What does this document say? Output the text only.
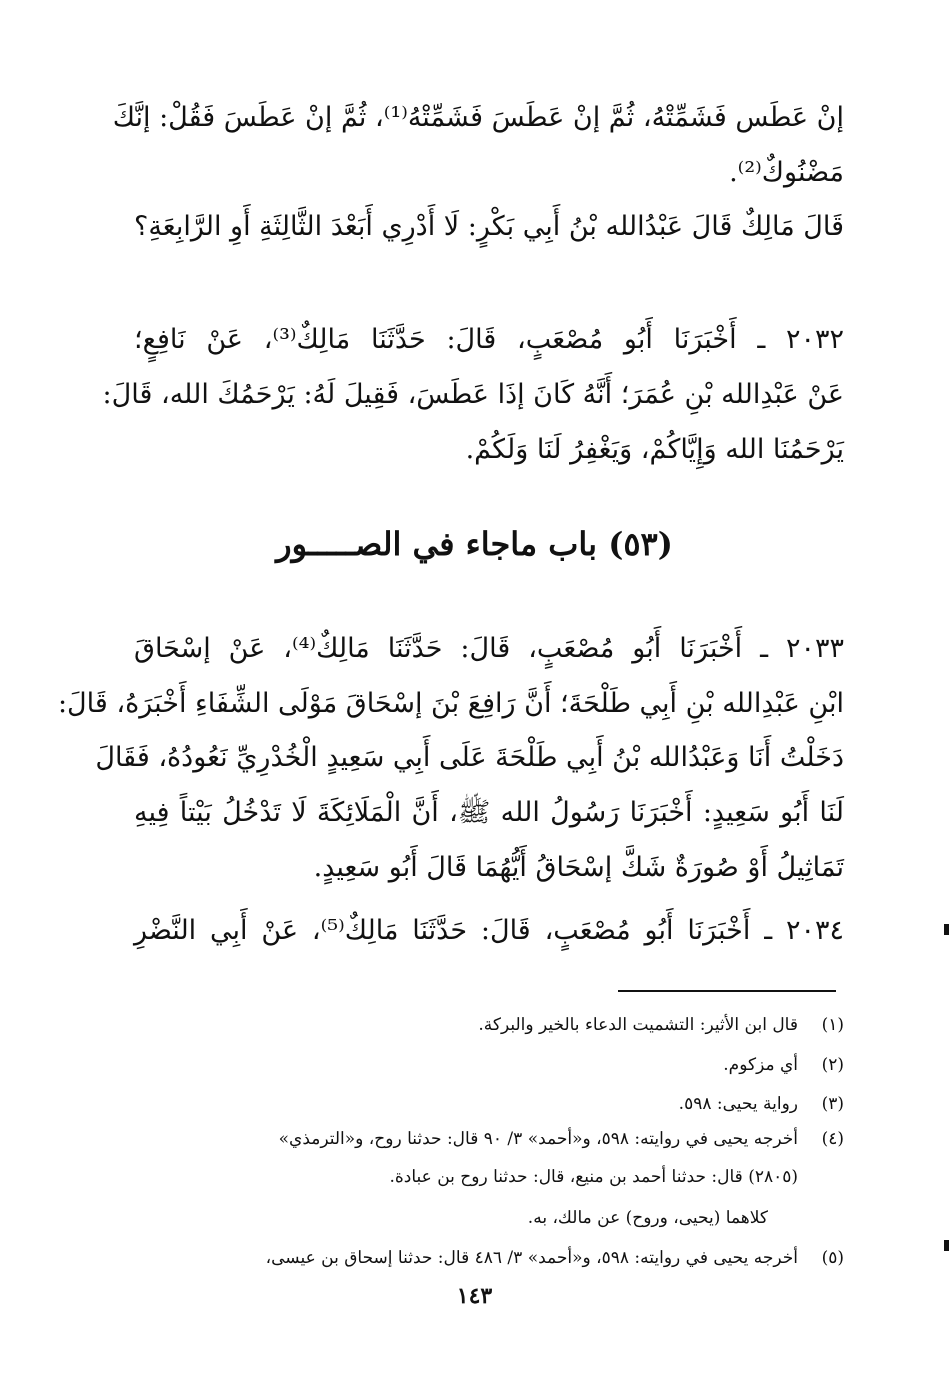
إنْ عَطَس فَشَمِّتْهُ، ثُمَّ إنْ عَطَسَ فَشَمِّتْهُ⁽¹⁾، ثُمَّ إنْ عَطَسَ فَقُلْ: إنَّكَ
مَضْنُوكٌ⁽²⁾.
قَالَ مَالِكٌ قَالَ عَبْدُالله بْنُ أَبِي بَكْرٍ: لَا أَدْرِي أَبَعْدَ الثَّالِثَةِ أَوِ الرَّابِعَةِ؟
٢٠٣٢ ـ أَخْبَرَنَا أَبُو مُصْعَبٍ، قَالَ: حَدَّثَنَا مَالِكٌ⁽³⁾، عَنْ نَافِعٍ؛
عَنْ عَبْدِالله بْنِ عُمَرَ؛ أَنَّهُ كَانَ إذَا عَطَسَ، فَقِيلَ لَهُ: يَرْحَمُكَ الله، قَالَ:
يَرْحَمُنَا الله وَإِيَّاكُمْ، وَيَغْفِرُ لَنَا وَلَكُمْ.
(٥٣) باب ماجاء في الصـــــور
٢٠٣٣ ـ أَخْبَرَنَا أَبُو مُصْعَبٍ، قَالَ: حَدَّثَنَا مَالِكٌ⁽⁴⁾، عَنْ إسْحَاقَ
ابْنِ عَبْدِالله بْنِ أَبِي طَلْحَةَ؛ أَنَّ رَافِعَ بْنَ إسْحَاقَ مَوْلَى الشِّفَاءِ أَخْبَرَهُ، قَالَ:
دَخَلْتُ أَنَا وَعَبْدُالله بْنُ أَبِي طَلْحَةَ عَلَى أَبِي سَعِيدٍ الْخُدْرِيِّ نَعُودُهُ، فَقَالَ
لَنَا أَبُو سَعِيدٍ: أَخْبَرَنَا رَسُولُ الله ﷺ، أَنَّ الْمَلَائِكَةَ لَا تَدْخُلُ بَيْتاً فِيهِ
تَمَاثِيلُ أَوْ صُورَةٌ شَكَّ إسْحَاقُ أَيُّهُمَا قَالَ أَبُو سَعِيدٍ.
٢٠٣٤ ـ أَخْبَرَنَا أَبُو مُصْعَبٍ، قَالَ: حَدَّثَنَا مَالِكٌ⁽⁵⁾، عَنْ أَبِي النَّضْرِ
(١)قال ابن الأثير: التشميت الدعاء بالخير والبركة.
(٢)أي مزكوم.
(٣)رواية يحيى: ٥٩٨.
(٤)أخرجه يحيى في روايته: ٥٩٨، و«أحمد» ٣/ ٩٠ قال: حدثنا روح، و«الترمذي»
(٢٨٠٥) قال: حدثنا أحمد بن منيع، قال: حدثنا روح بن عبادة.
كلاهما (يحيى، وروح) عن مالك، به.
(٥)أخرجه يحيى في روايته: ٥٩٨، و«أحمد» ٣/ ٤٨٦ قال: حدثنا إسحاق بن عيسى،
١٤٣
